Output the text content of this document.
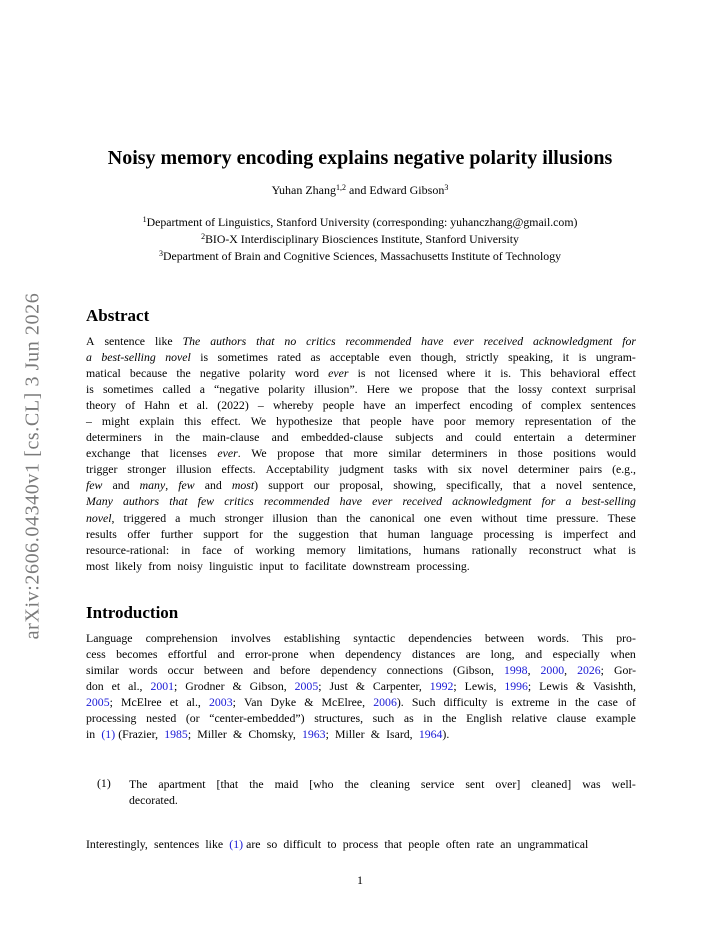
arXiv:2606.04340v1 [cs.CL] 3 Jun 2026
Noisy memory encoding explains negative polarity illusions
Yuhan Zhang$^{1,2}$ and Edward Gibson$^3$
$^1$Department of Linguistics, Stanford University (corresponding: yuhanczhang@gmail.com)
$^2$BIO-X Interdisciplinary Biosciences Institute, Stanford University
$^3$Department of Brain and Cognitive Sciences, Massachusetts Institute of Technology
Abstract
A sentence like The authors that no critics recommended have ever received acknowledgment for
a best-selling novel is sometimes rated as acceptable even though, strictly speaking, it is ungram-
matical because the negative polarity word ever is not licensed where it is. This behavioral effect
is sometimes called a “negative polarity illusion”. Here we propose that the lossy context surprisal
theory of Hahn et al. (2022) – whereby people have an imperfect encoding of complex sentences
– might explain this effect. We hypothesize that people have poor memory representation of the
determiners in the main-clause and embedded-clause subjects and could entertain a determiner
exchange that licenses ever. We propose that more similar determiners in those positions would
trigger stronger illusion effects. Acceptability judgment tasks with six novel determiner pairs (e.g.,
few and many, few and most) support our proposal, showing, specifically, that a novel sentence,
Many authors that few critics recommended have ever received acknowledgment for a best-selling
novel, triggered a much stronger illusion than the canonical one even without time pressure. These
results offer further support for the suggestion that human language processing is imperfect and
resource-rational: in face of working memory limitations, humans rationally reconstruct what is
most likely from noisy linguistic input to facilitate downstream processing.
Introduction
Language comprehension involves establishing syntactic dependencies between words. This pro-
cess becomes effortful and error-prone when dependency distances are long, and especially when
similar words occur between and before dependency connections (Gibson, 1998, 2000, 2026; Gor-
don et al., 2001; Grodner & Gibson, 2005; Just & Carpenter, 1992; Lewis, 1996; Lewis & Vasishth,
2005; McElree et al., 2003; Van Dyke & McElree, 2006). Such difficulty is extreme in the case of
processing nested (or “center-embedded”) structures, such as in the English relative clause example
in (1) (Frazier, 1985; Miller & Chomsky, 1963; Miller & Isard, 1964).
(1) The apartment [that the maid [who the cleaning service sent over] cleaned] was well-
decorated.
Interestingly, sentences like (1) are so difficult to process that people often rate an ungrammatical
1
